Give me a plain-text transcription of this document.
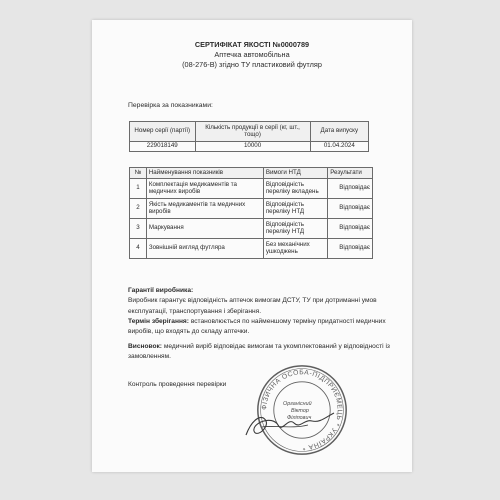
СЕРТИФІКАТ ЯКОСТІ №0000789
Аптечка автомобільна
(08-276-В) згідно ТУ пластиковий футляр
Перевірка за показниками:
Номер серії (партії)	Кількість продукції в серії (кг, шт., тощо)	Дата випуску
229018149	10000	01.04.2024
№	Найменування показників	Вимоги НТД	Результати
1	Комплектація медикаментів та медичних виробів	Відповідність переліку вкладень	Відповідає
2	Якість медикаментів та медичних виробів	Відповідність переліку НТД	Відповідає
3	Маркування	Відповідність переліку НТД	Відповідає
4	Зовнішній вигляд футляра	Без механічних ушкоджень	Відповідає
Гарантії виробника:
Виробник гарантує відповідність аптечок вимогам ДСТУ, ТУ при дотриманні умов експлуатації, транспортування і зберігання.
Термін зберігання: встановлюється по найменшому терміну придатності медичних виробів, що входять до складу аптечки.
Висновок: медичний виріб відповідає вимогам та укомплектований у відповідності із замовленням.
Контроль проведення перевірки
ФІЗИЧНА ОСОБА-ПІДПРИЄМЕЦЬ * УКРАЇНА *
Органісний
Віктор
Філіпович
